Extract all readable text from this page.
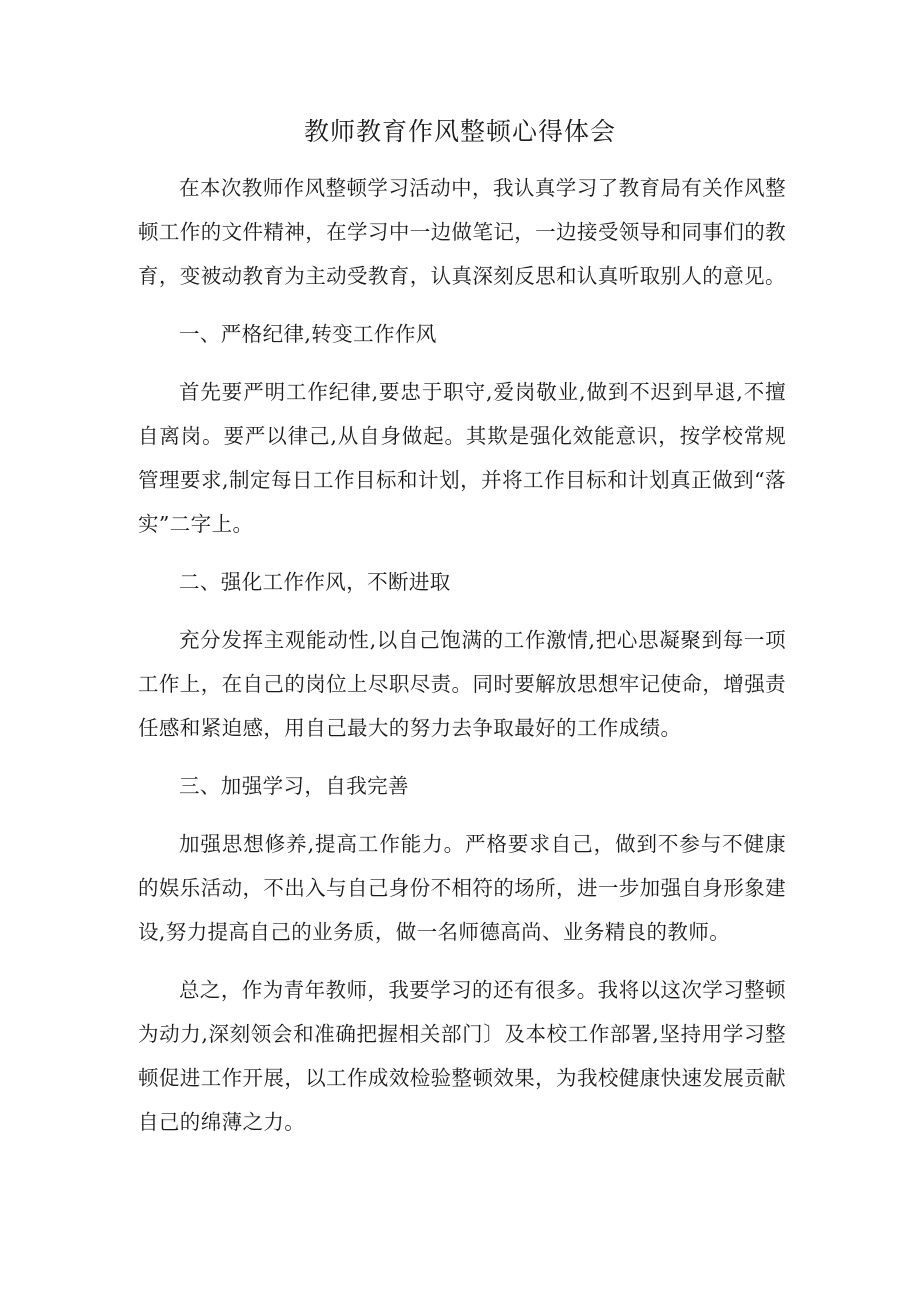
教师教育作风整顿心得体会

在本次教师作风整顿学习活动中，我认真学习了教育局有关作风整顿工作的文件精神，在学习中一边做笔记，一边接受领导和同事们的教育，变被动教育为主动受教育，认真深刻反思和认真听取别人的意见。

一、严格纪律,转变工作作风

首先要严明工作纪律,要忠于职守,爱岗敬业,做到不迟到早退,不擅自离岗。要严以律己,从自身做起。其欺是强化效能意识，按学校常规管理要求,制定每日工作目标和计划，并将工作目标和计划真正做到“落实”二字上。

二、强化工作作风，不断进取

充分发挥主观能动性,以自己饱满的工作激情,把心思凝聚到每一项工作上，在自己的岗位上尽职尽责。同时要解放思想牢记使命，增强责任感和紧迫感，用自己最大的努力去争取最好的工作成绩。

三、加强学习，自我完善

加强思想修养,提高工作能力。严格要求自己，做到不参与不健康的娱乐活动，不出入与自己身份不相符的场所，进一步加强自身形象建设,努力提高自己的业务质，做一名师德高尚、业务精良的教师。

总之，作为青年教师，我要学习的还有很多。我将以这次学习整顿为动力,深刻领会和准确把握相关部门〕及本校工作部署,坚持用学习整顿促进工作开展，以工作成效检验整顿效果，为我校健康快速发展贡献自己的绵薄之力。
